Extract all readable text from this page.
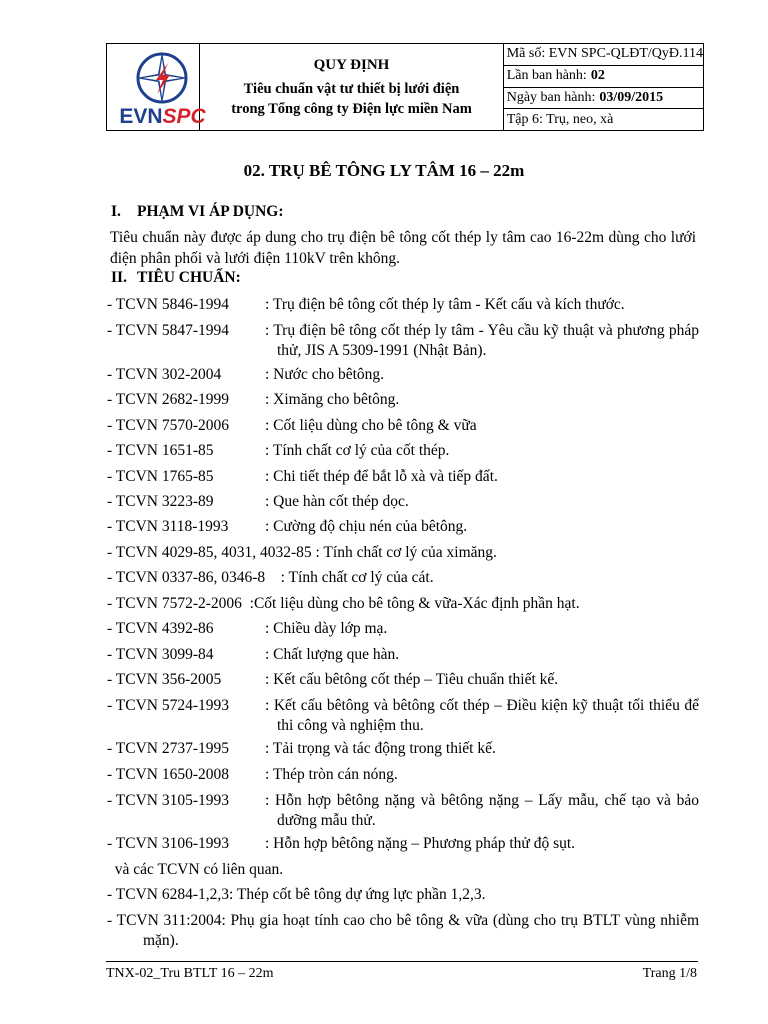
EVNSPC
QUY ĐỊNH
Tiêu chuẩn vật tư thiết bị lưới điện
trong Tổng công ty Điện lực miền Nam
Mã số: EVN SPC-QLĐT/QyĐ.114
Lần ban hành: 02
Ngày ban hành: 03/09/2015
Tập 6: Trụ, neo, xà
02. TRỤ BÊ TÔNG LY TÂM 16 – 22m
I. PHẠM VI ÁP DỤNG:
Tiêu chuẩn này được áp dung cho trụ điện bê tông cốt thép ly tâm cao 16-22m dùng cho lưới điện phân phối và lưới điện 110kV trên không.
II. TIÊU CHUẨN:
- TCVN 5846-1994	: Trụ điện bê tông cốt thép ly tâm - Kết cấu và kích thước.
- TCVN 5847-1994	: Trụ điện bê tông cốt thép ly tâm - Yêu cầu kỹ thuật và phương pháp thử, JIS A 5309-1991 (Nhật Bản).
- TCVN 302-2004	: Nước cho bêtông.
- TCVN 2682-1999	: Ximăng cho bêtông.
- TCVN 7570-2006	: Cốt liệu dùng cho bê tông & vữa
- TCVN 1651-85	: Tính chất cơ lý của cốt thép.
- TCVN 1765-85	: Chi tiết thép để bắt lỗ xà và tiếp đất.
- TCVN 3223-89	: Que hàn cốt thép dọc.
- TCVN 3118-1993	: Cường độ chịu nén của bêtông.
- TCVN 4029-85, 4031, 4032-85 : Tính chất cơ lý của ximăng.
- TCVN 0337-86, 0346-8    : Tính chất cơ lý của cát.
- TCVN 7572-2-2006  :Cốt liệu dùng cho bê tông & vữa-Xác định phần hạt.
- TCVN 4392-86	: Chiều dày lớp mạ.
- TCVN 3099-84	: Chất lượng que hàn.
- TCVN 356-2005	: Kết cấu bêtông cốt thép – Tiêu chuẩn thiết kế.
- TCVN 5724-1993	: Kết cấu bêtông và bêtông cốt thép – Điều kiện kỹ thuật tối thiểu để thi công và nghiệm thu.
- TCVN 2737-1995	: Tải trọng và tác động trong thiết kế.
- TCVN 1650-2008	: Thép tròn cán nóng.
- TCVN 3105-1993	: Hỗn hợp bêtông nặng và bêtông nặng – Lấy mẫu, chế tạo và bảo dưỡng mẫu thử.
- TCVN 3106-1993	: Hỗn hợp bêtông nặng – Phương pháp thử độ sụt.
và các TCVN có liên quan.
- TCVN 6284-1,2,3: Thép cốt bê tông dự ứng lực phần 1,2,3.
- TCVN 311:2004: Phụ gia hoạt tính cao cho bê tông & vữa (dùng cho trụ BTLT vùng nhiễm mặn).
TNX-02_Tru BTLT 16 – 22m	Trang 1/8
